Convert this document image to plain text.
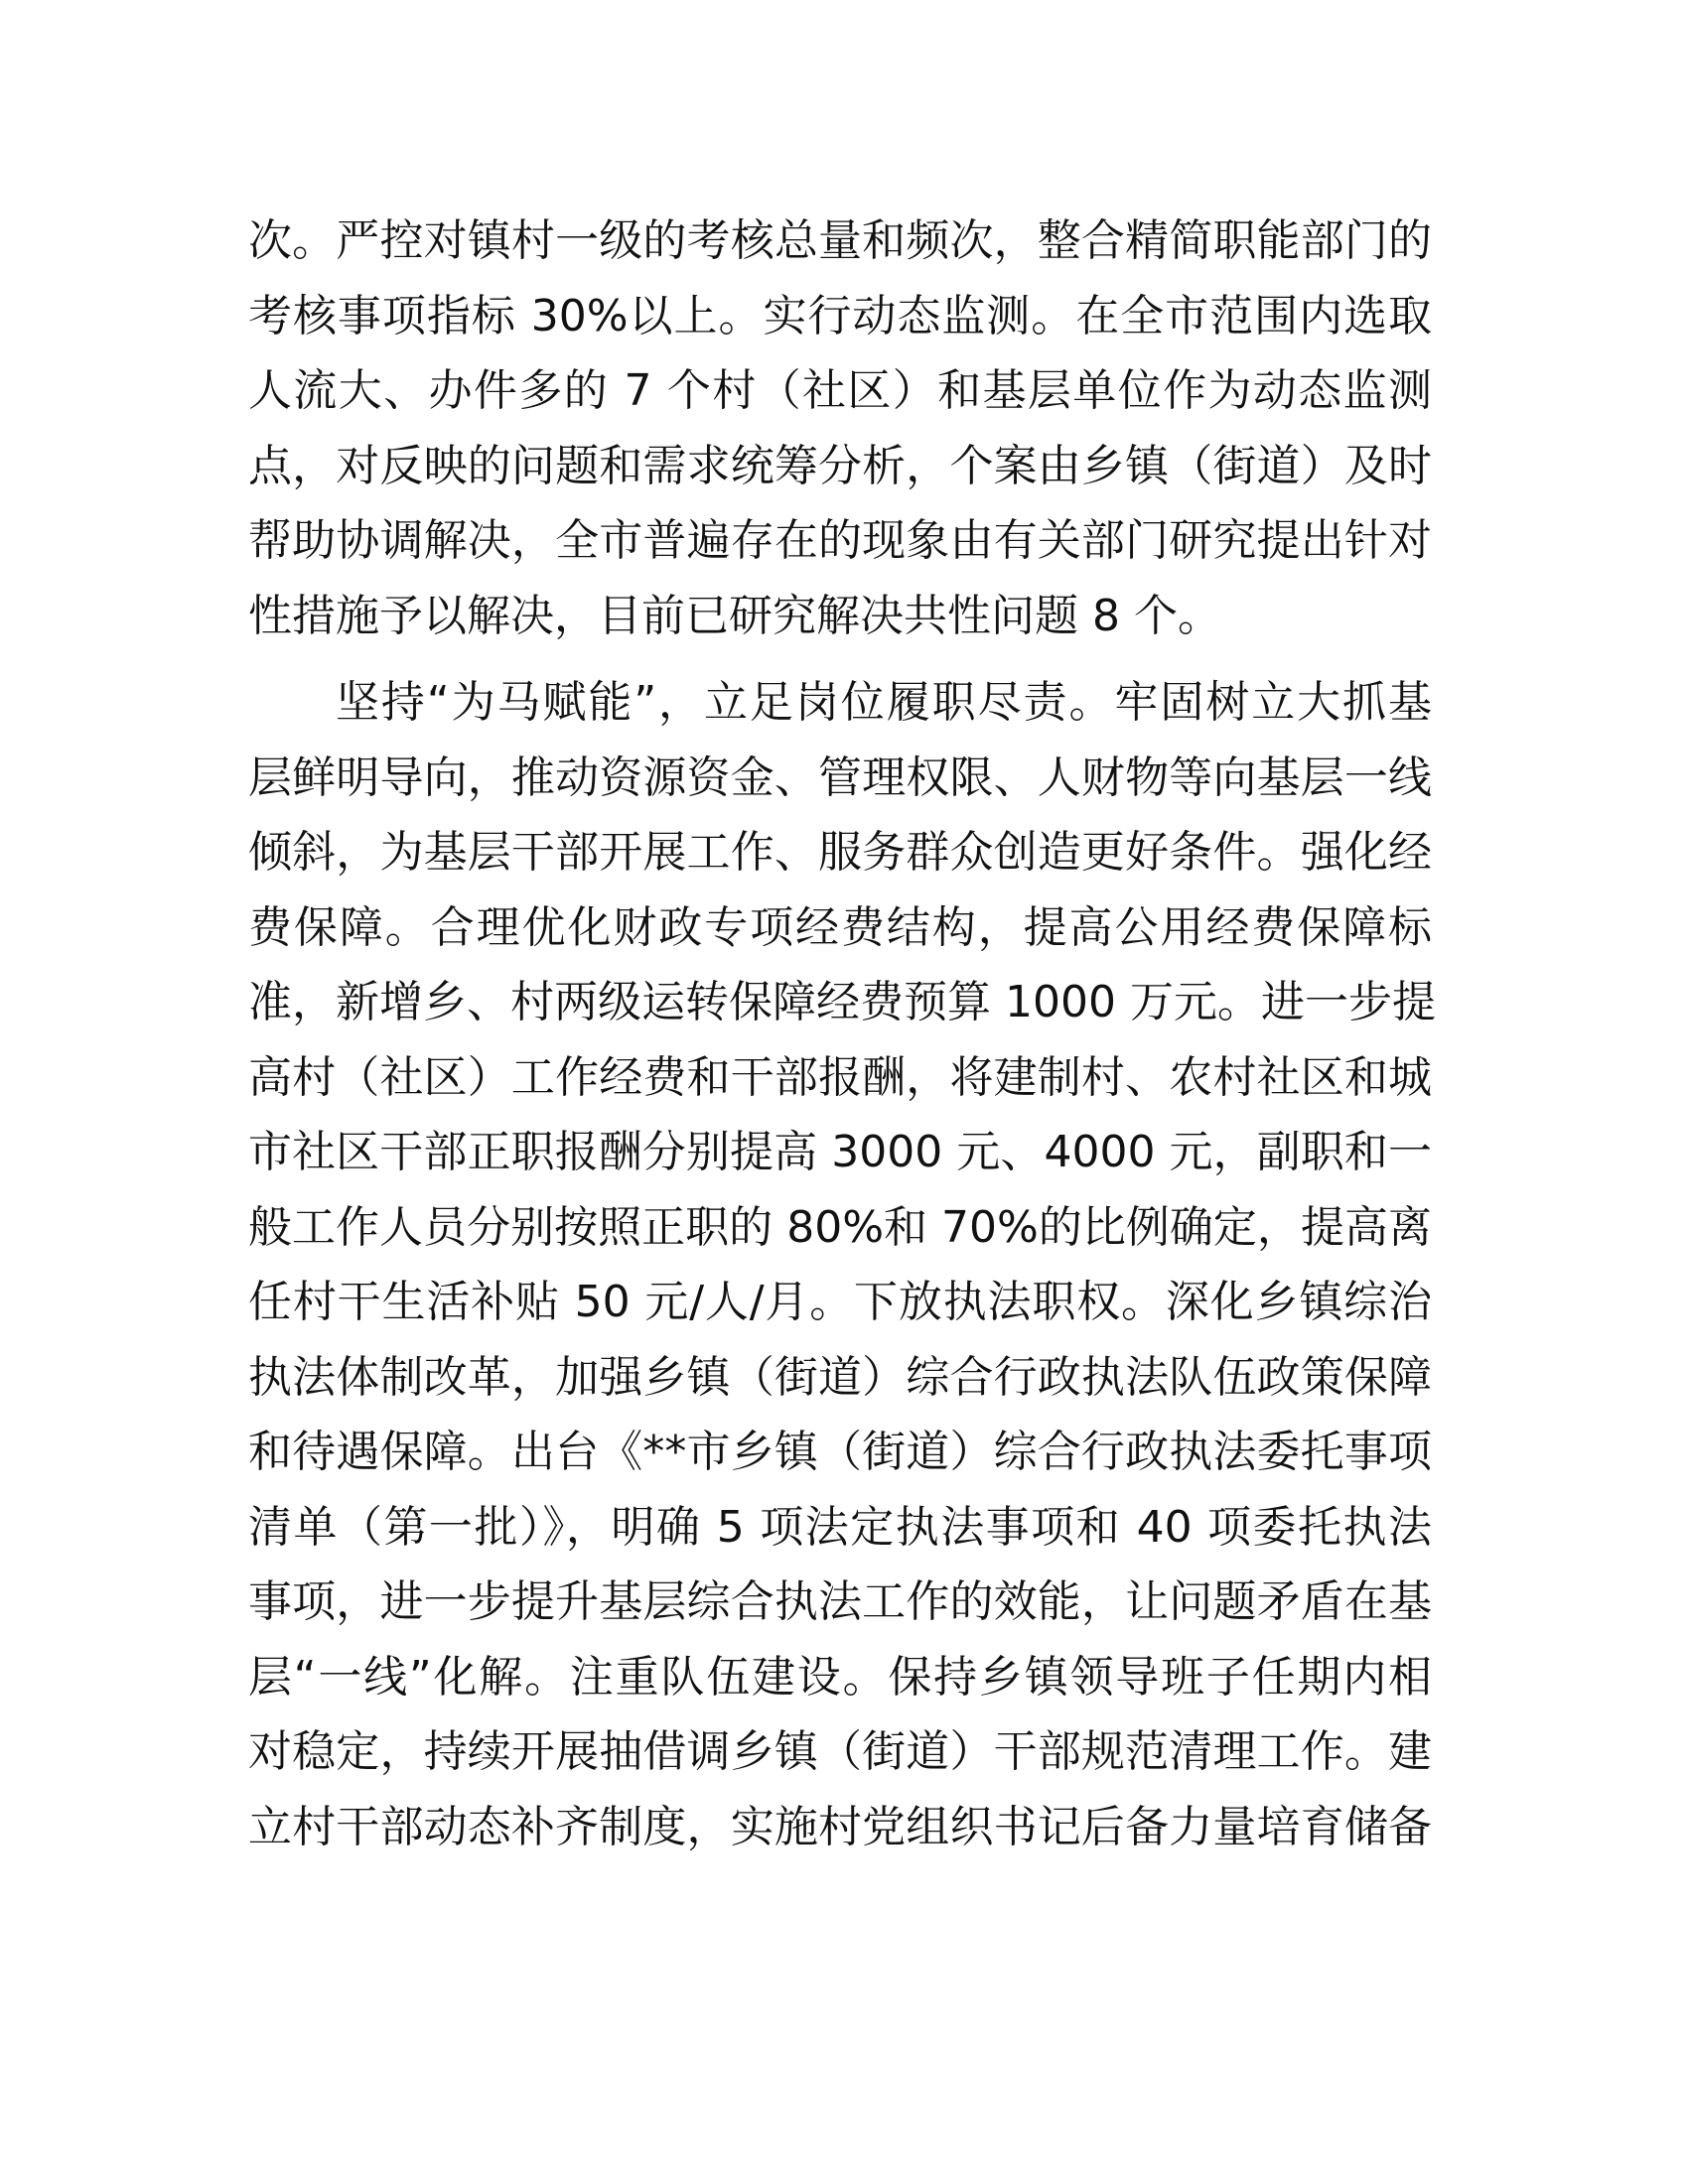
次。严控对镇村一级的考核总量和频次，整合精简职能部门的
考核事项指标 30%以上。实行动态监测。在全市范围内选取
人流大、办件多的 7 个村（社区）和基层单位作为动态监测
点，对反映的问题和需求统筹分析，个案由乡镇（街道）及时
帮助协调解决，全市普遍存在的现象由有关部门研究提出针对
性措施予以解决，目前已研究解决共性问题 8 个。
坚持“为马赋能”，立足岗位履职尽责。牢固树立大抓基
层鲜明导向，推动资源资金、管理权限、人财物等向基层一线
倾斜，为基层干部开展工作、服务群众创造更好条件。强化经
费保障。合理优化财政专项经费结构，提高公用经费保障标
准，新增乡、村两级运转保障经费预算 1000 万元。进一步提
高村（社区）工作经费和干部报酬，将建制村、农村社区和城
市社区干部正职报酬分别提高 3000 元、4000 元，副职和一
般工作人员分别按照正职的 80%和 70%的比例确定，提高离
任村干生活补贴 50 元/人/月。下放执法职权。深化乡镇综治
执法体制改革，加强乡镇（街道）综合行政执法队伍政策保障
和待遇保障。出台《**市乡镇（街道）综合行政执法委托事项
清单（第一批）》，明确 5 项法定执法事项和 40 项委托执法
事项，进一步提升基层综合执法工作的效能，让问题矛盾在基
层“一线”化解。注重队伍建设。保持乡镇领导班子任期内相
对稳定，持续开展抽借调乡镇（街道）干部规范清理工作。建
立村干部动态补齐制度，实施村党组织书记后备力量培育储备
